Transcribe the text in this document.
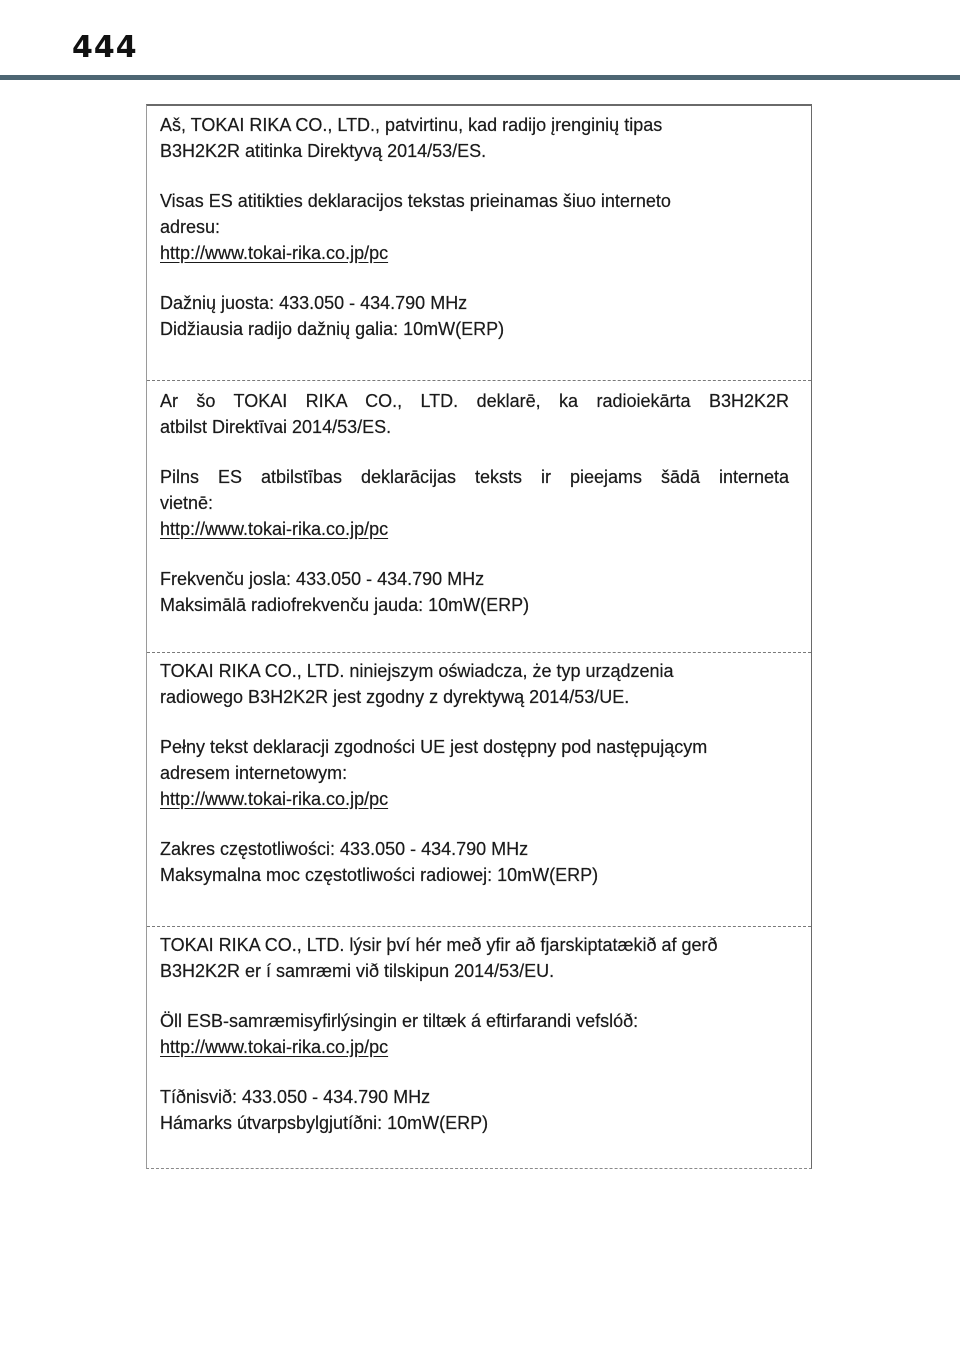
444
Aš, TOKAI RIKA CO., LTD., patvirtinu, kad radijo įrenginių tipas
B3H2K2R atitinka Direktyvą 2014/53/ES.
Visas ES atitikties deklaracijos tekstas prieinamas šiuo interneto
adresu:
http://www.tokai-rika.co.jp/pc
Dažnių juosta: 433.050 - 434.790 MHz
Didžiausia radijo dažnių galia: 10mW(ERP)
Ar šo TOKAI RIKA CO., LTD. deklarē, ka radioiekārta B3H2K2R
atbilst Direktīvai 2014/53/ES.
Pilns ES atbilstības deklarācijas teksts ir pieejams šādā interneta
vietnē:
http://www.tokai-rika.co.jp/pc
Frekvenču josla: 433.050 - 434.790 MHz
Maksimālā radiofrekvenču jauda: 10mW(ERP)
TOKAI RIKA CO., LTD. niniejszym oświadcza, że typ urządzenia
radiowego B3H2K2R jest zgodny z dyrektywą 2014/53/UE.
Pełny tekst deklaracji zgodności UE jest dostępny pod następującym
adresem internetowym:
http://www.tokai-rika.co.jp/pc
Zakres częstotliwości: 433.050 - 434.790 MHz
Maksymalna moc częstotliwości radiowej: 10mW(ERP)
TOKAI RIKA CO., LTD. lýsir því hér með yfir að fjarskiptatækið af gerð
B3H2K2R er í samræmi við tilskipun 2014/53/EU.
Öll ESB-samræmisyfirlýsingin er tiltæk á eftirfarandi vefslóð:
http://www.tokai-rika.co.jp/pc
Tíðnisvið: 433.050 - 434.790 MHz
Hámarks útvarpsbylgjutíðni: 10mW(ERP)
